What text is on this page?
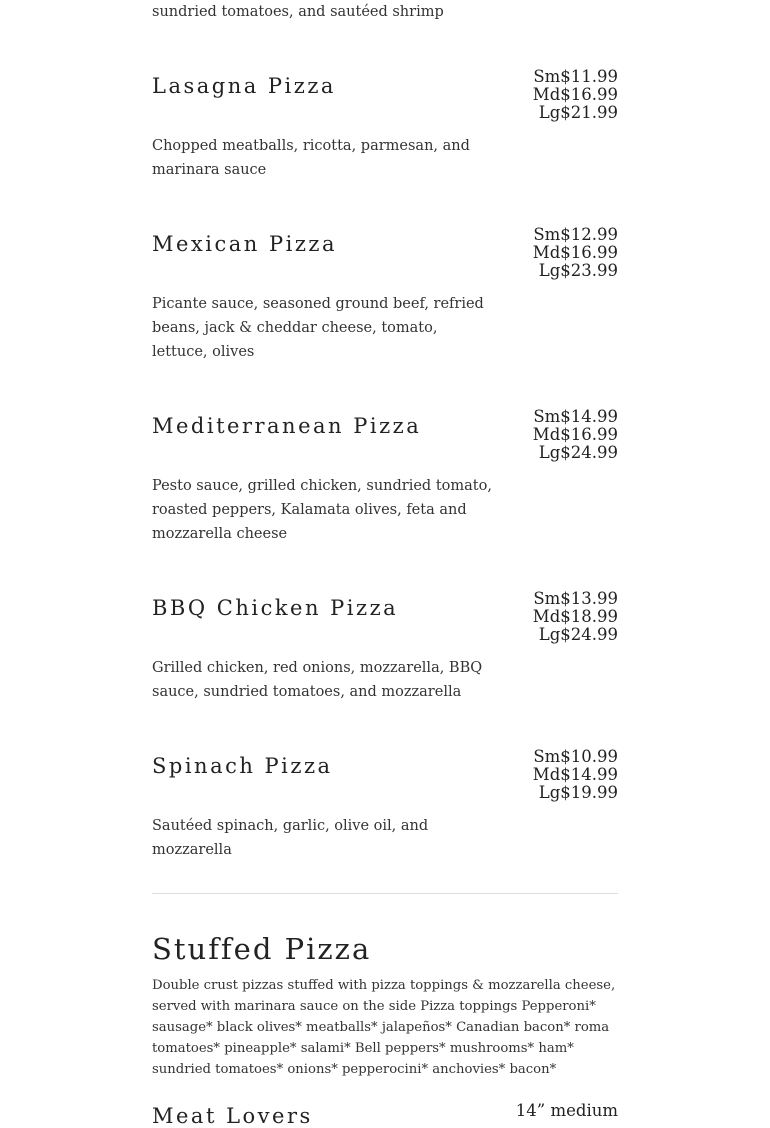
sundried tomatoes, and sautéed shrimp
Lasagna Pizza	Sm$11.99
Md$16.99
Lg$21.99
Chopped meatballs, ricotta, parmesan, and marinara sauce
Mexican Pizza	Sm$12.99
Md$16.99
Lg$23.99
Picante sauce, seasoned ground beef, refried beans, jack & cheddar cheese, tomato, lettuce, olives
Mediterranean Pizza	Sm$14.99
Md$16.99
Lg$24.99
Pesto sauce, grilled chicken, sundried tomato, roasted peppers, Kalamata olives, feta and mozzarella cheese
BBQ Chicken Pizza	Sm$13.99
Md$18.99
Lg$24.99
Grilled chicken, red onions, mozzarella, BBQ sauce, sundried tomatoes, and mozzarella
Spinach Pizza	Sm$10.99
Md$14.99
Lg$19.99
Sautéed spinach, garlic, olive oil, and mozzarella
Stuffed Pizza
Double crust pizzas stuffed with pizza toppings & mozzarella cheese, served with marinara sauce on the side Pizza toppings Pepperoni* sausage* black olives* meatballs* jalapeños* Canadian bacon* roma tomatoes* pineapple* salami* Bell peppers* mushrooms* ham* sundried tomatoes* onions* pepperocini* anchovies* bacon*
Meat Lovers	14” medium
